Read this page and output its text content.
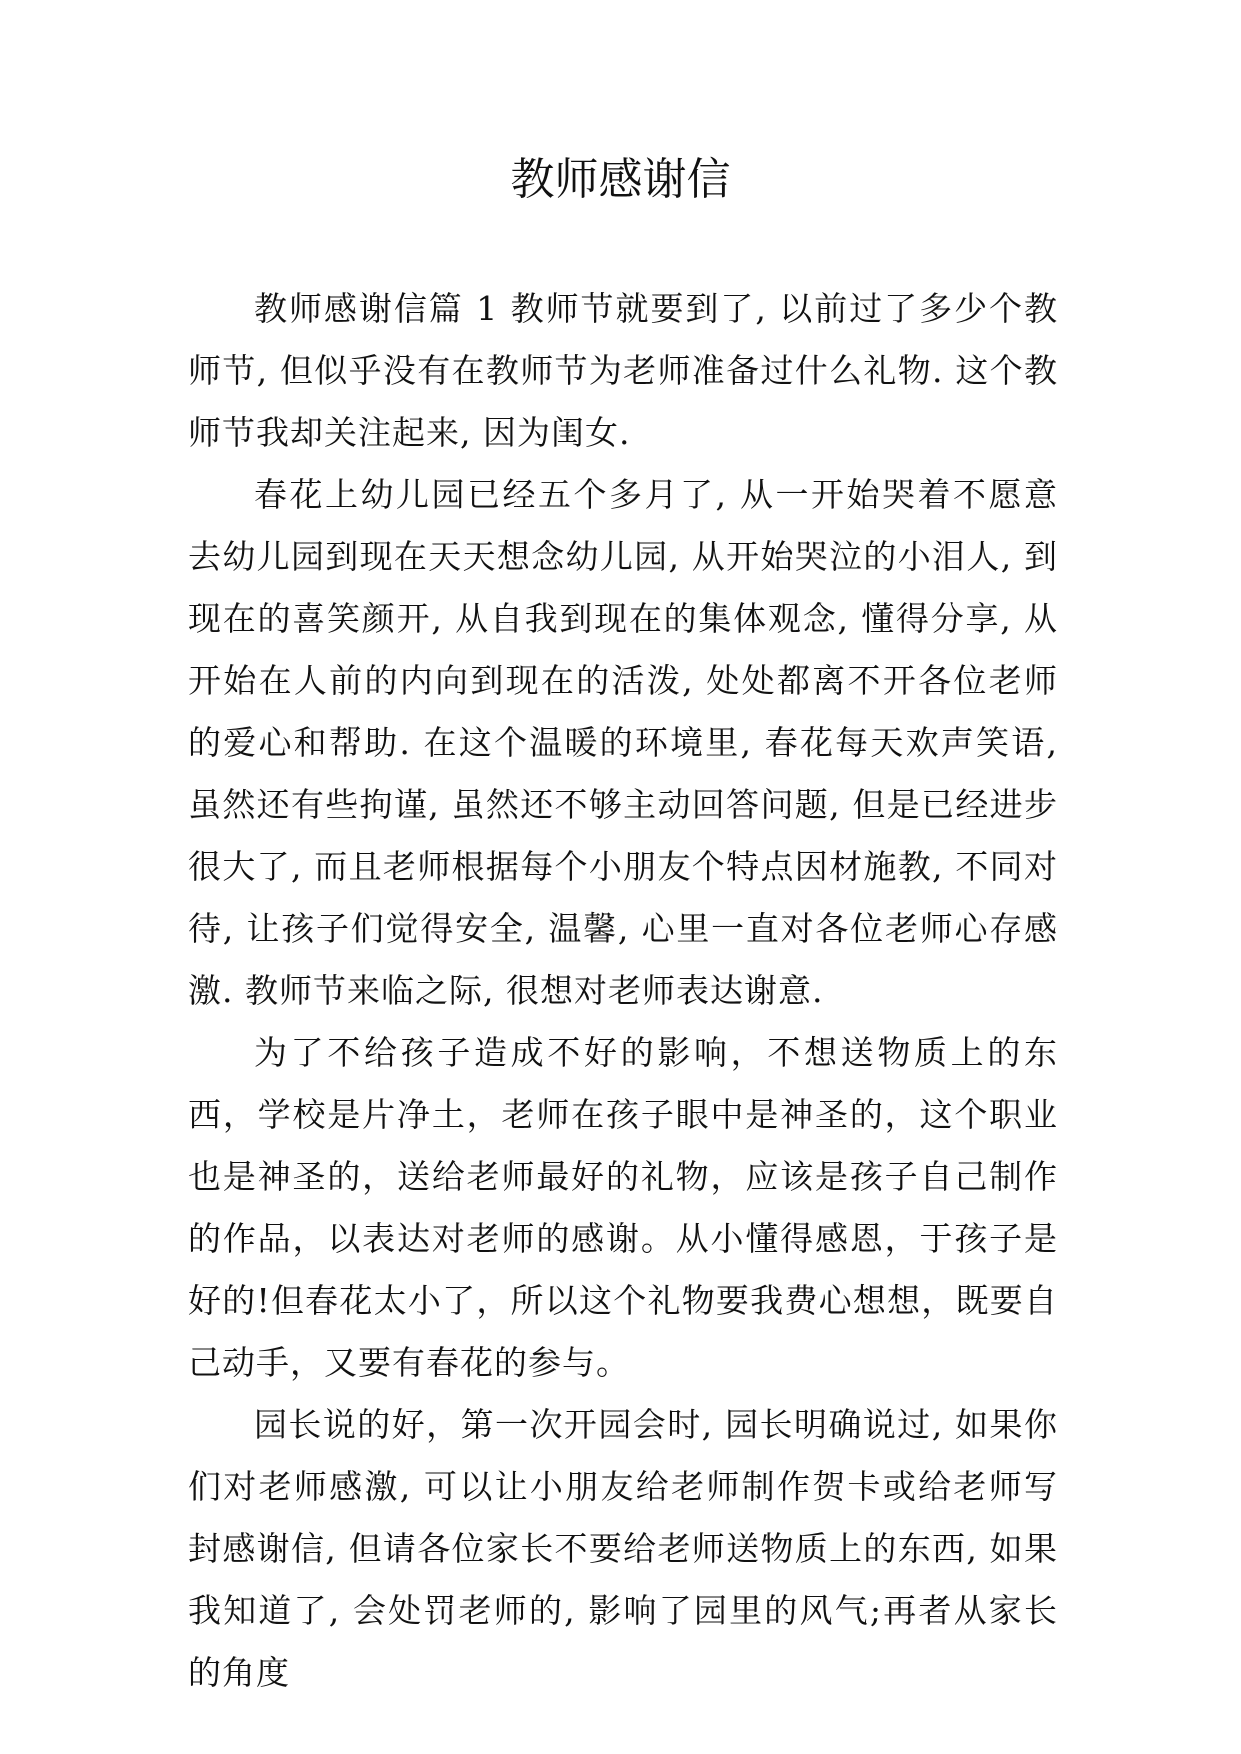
教师感谢信

教师感谢信篇 1 教师节就要到了, 以前过了多少个教师节, 但似乎没有在教师节为老师准备过什么礼物. 这个教师节我却关注起来, 因为闺女.

春花上幼儿园已经五个多月了, 从一开始哭着不愿意去幼儿园到现在天天想念幼儿园, 从开始哭泣的小泪人, 到现在的喜笑颜开, 从自我到现在的集体观念, 懂得分享, 从开始在人前的内向到现在的活泼, 处处都离不开各位老师的爱心和帮助. 在这个温暖的环境里, 春花每天欢声笑语, 虽然还有些拘谨, 虽然还不够主动回答问题, 但是已经进步很大了, 而且老师根据每个小朋友个特点因材施教, 不同对待, 让孩子们觉得安全, 温馨, 心里一直对各位老师心存感激. 教师节来临之际, 很想对老师表达谢意.

为了不给孩子造成不好的影响，不想送物质上的东西，学校是片净土，老师在孩子眼中是神圣的，这个职业也是神圣的，送给老师最好的礼物，应该是孩子自己制作的作品，以表达对老师的感谢。从小懂得感恩，于孩子是好的!但春花太小了，所以这个礼物要我费心想想，既要自己动手，又要有春花的参与。

园长说的好，第一次开园会时, 园长明确说过, 如果你们对老师感激, 可以让小朋友给老师制作贺卡或给老师写封感谢信, 但请各位家长不要给老师送物质上的东西, 如果我知道了, 会处罚老师的, 影响了园里的风气;再者从家长的角度
